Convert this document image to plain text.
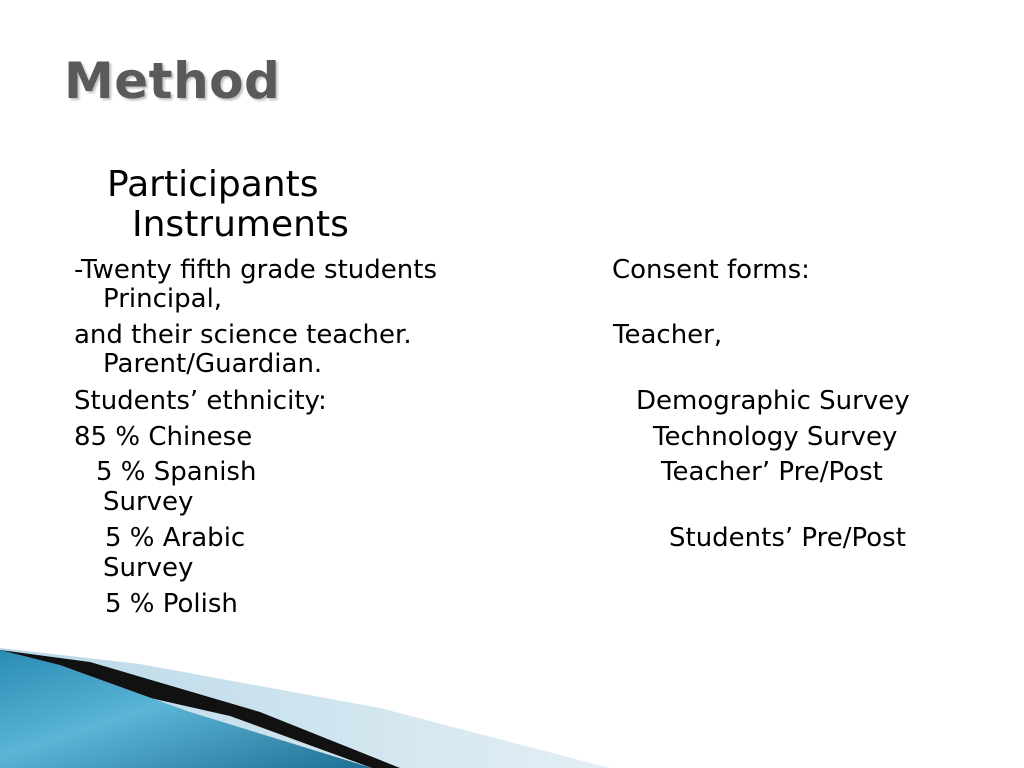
Method
Participants
Instruments
-Twenty fifth grade students	Consent forms:
Principal,
and their science teacher.	Teacher,
Parent/Guardian.
Students’ ethnicity:	Demographic Survey
85 % Chinese	Technology Survey
5 % Spanish	Teacher’ Pre/Post
Survey
5 % Arabic	Students’ Pre/Post
Survey
5 % Polish
